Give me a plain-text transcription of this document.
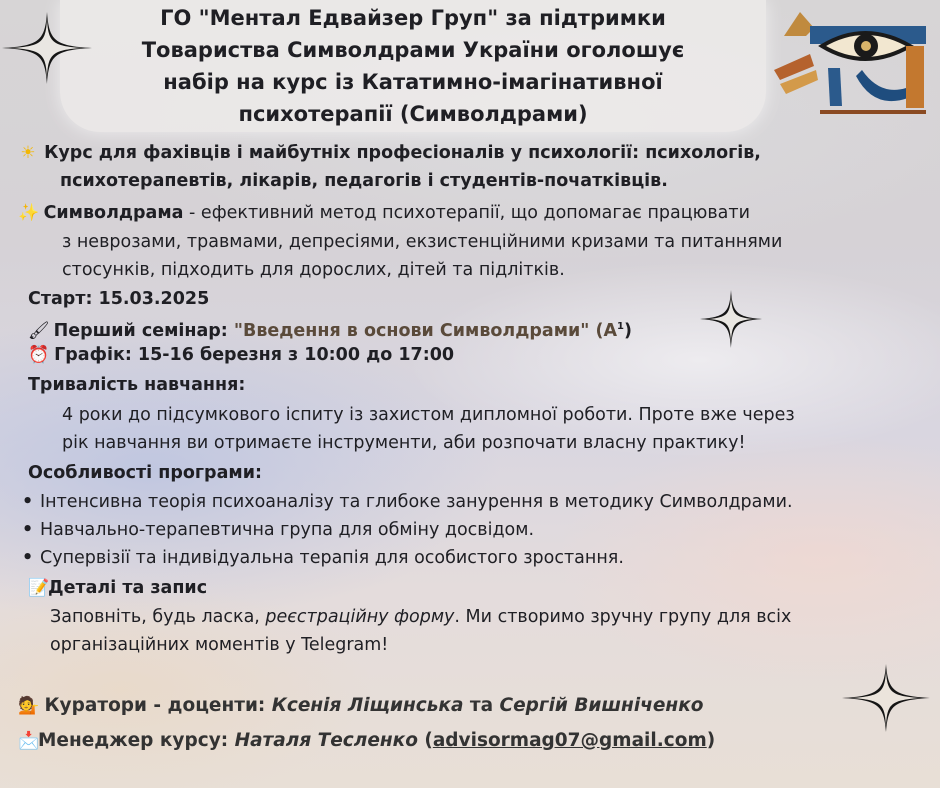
ГО "Ментал Едвайзер Груп" за підтримки
Товариства Символдрами України оголошує
набір на курс із Кататимно-імагінативної
психотерапії (Символдрами)
☀ Курс для фахівців і майбутніх професіоналів у психології: психологів,
психотерапевтів, лікарів, педагогів і студентів-початківців.
✨ Символдрама - ефективний метод психотерапії, що допомагає працювати
з неврозами, травмами, депресіями, екзистенційними кризами та питаннями
стосунків, підходить для дорослих, дітей та підлітків.
Старт: 15.03.2025
🖌 Перший семінар: "Введення в основи Символдрами" $(A^1)$
⏰ Графік: 15-16 березня з 10:00 до 17:00
Тривалість навчання:
4 роки до підсумкового іспиту із захистом дипломної роботи. Проте вже через
рік навчання ви отримаєте інструменти, аби розпочати власну практику!
Особливості програми:
• Інтенсивна теорія психоаналізу та глибоке занурення в методику Символдрами.
• Навчально-терапевтична група для обміну досвідом.
• Супервізії та індивідуальна терапія для особистого зростання.
📝Деталі та запис
Заповніть, будь ласка, реєстраційну форму. Ми створимо зручну групу для всіх
організаційних моментів у Telegram!
💁 Куратори - доценти: Ксенія Ліщинська та Сергій Вишніченко
📩Менеджер курсу: Наталя Тесленко (advisormag07@gmail.com)
